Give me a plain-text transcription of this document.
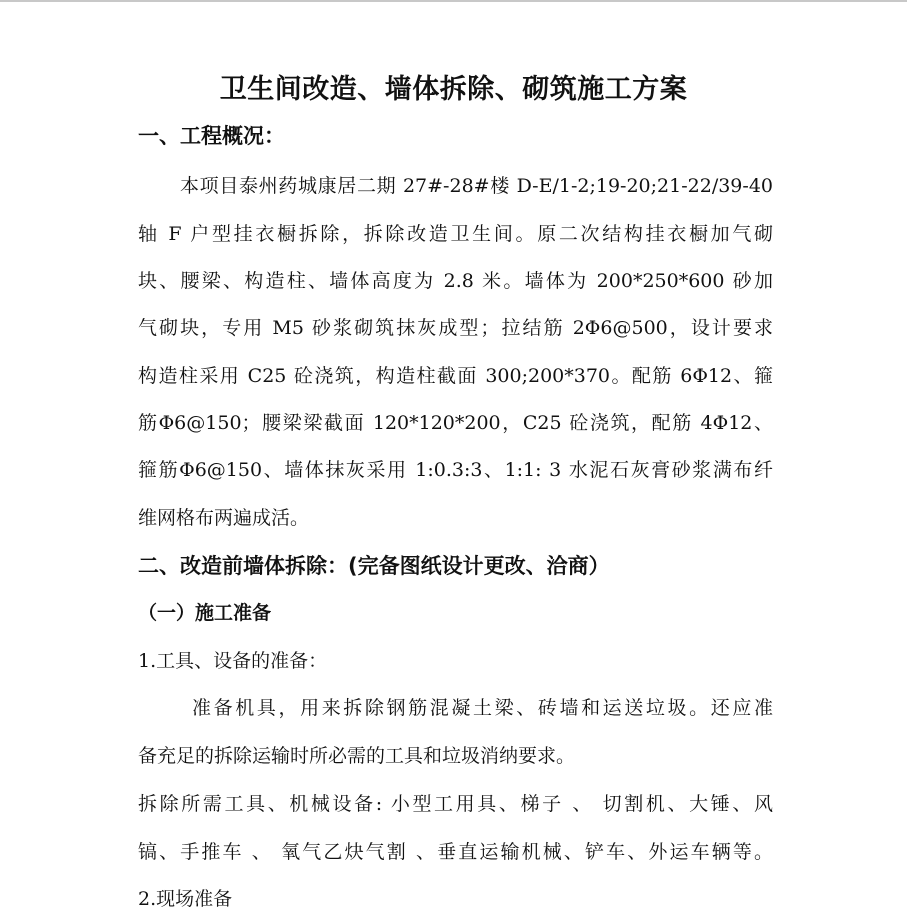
卫生间改造、墙体拆除、砌筑施工方案
一、工程概况：
本项目泰州药城康居二期 27#-28#楼 D-E/1-2;19-20;21-22/39-40
轴 F 户型挂衣橱拆除，拆除改造卫生间。原二次结构挂衣橱加气砌
块、腰梁、构造柱、墙体高度为 2.8 米。墙体为 200*250*600 砂加
气砌块，专用 M5 砂浆砌筑抹灰成型；拉结筋 2Φ6@500，设计要求
构造柱采用 C25 砼浇筑，构造柱截面 300;200*370。配筋 6Φ12、箍
筋Φ6@150；腰梁梁截面 120*120*200，C25 砼浇筑，配筋 4Φ12、
箍筋Φ6@150、墙体抹灰采用 1:0.3:3、1:1: 3 水泥石灰膏砂浆满布纤
维网格布两遍成活。
二、改造前墙体拆除：(完备图纸设计更改、洽商）
（一）施工准备
1.工具、设备的准备：
准备机具，用来拆除钢筋混凝土梁、砖墙和运送垃圾。还应准
备充足的拆除运输时所必需的工具和垃圾消纳要求。
拆除所需工具、机械设备: 小型工用具、梯子 、 切割机、大锤、风
镐、手推车 、 氧气乙炔气割 、垂直运输机械、铲车、外运车辆等。
2.现场准备
